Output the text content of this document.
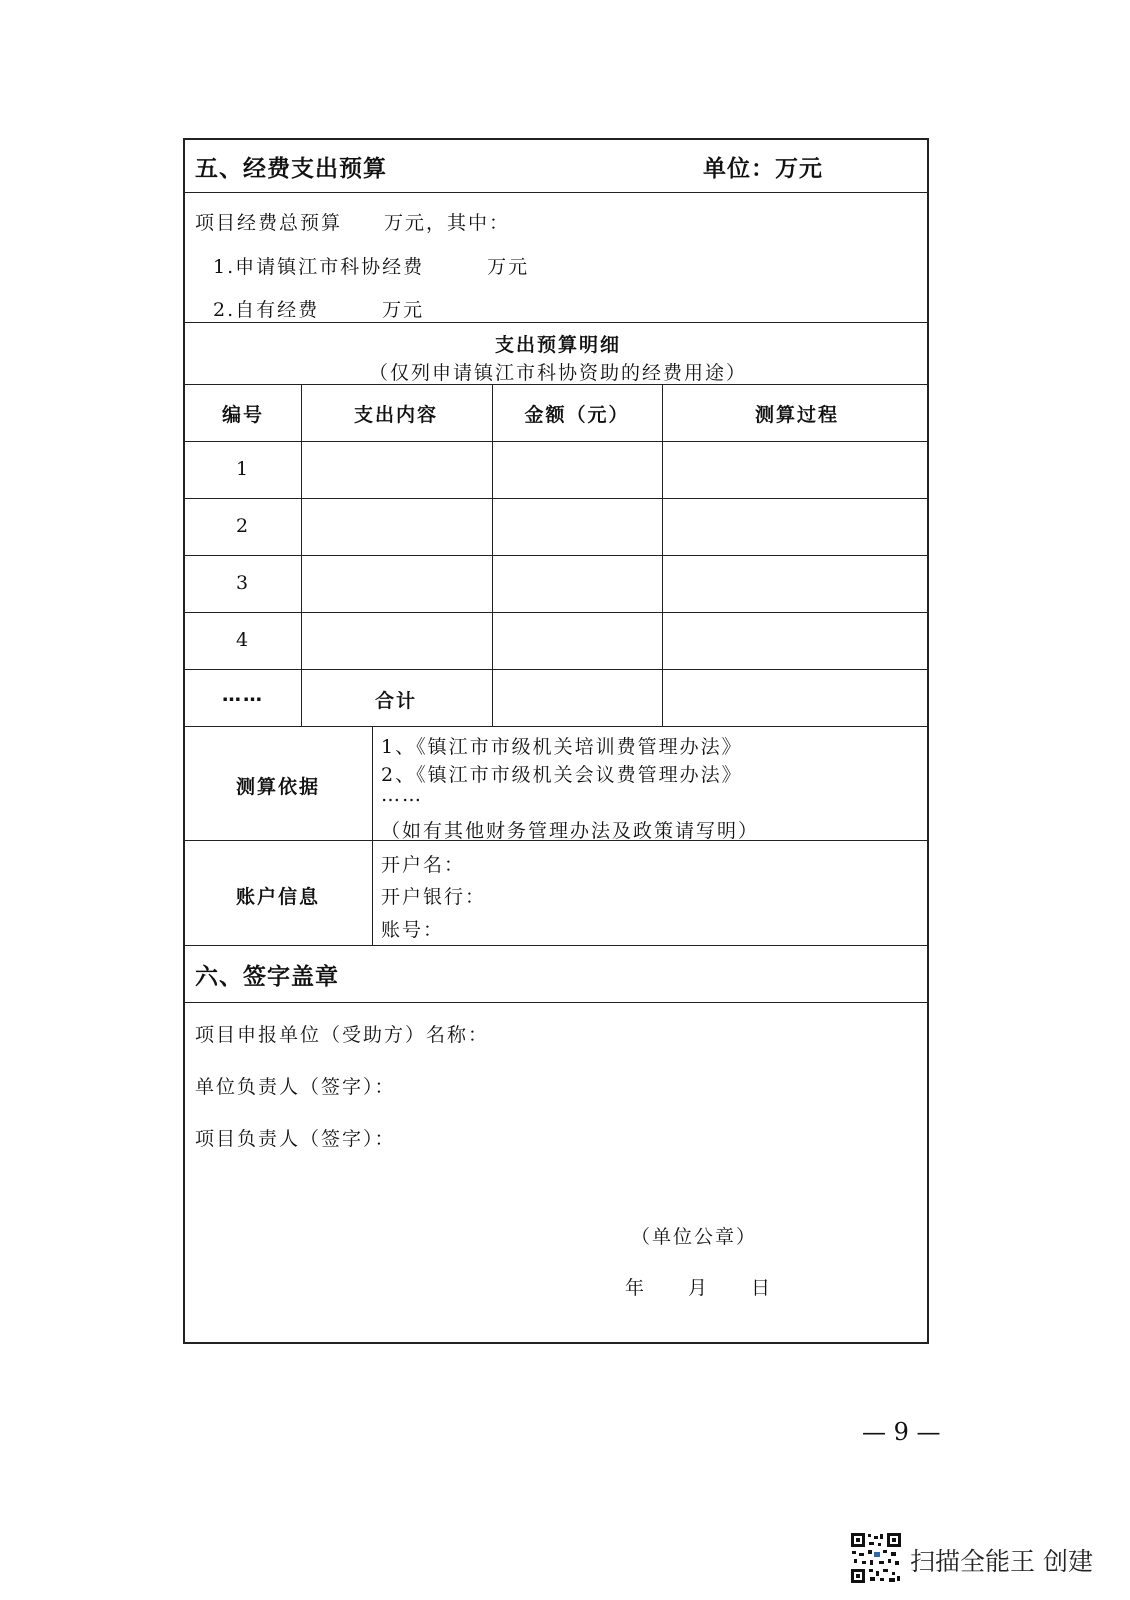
五、经费支出预算	单位：万元
项目经费总预算　　万元，其中：
1.申请镇江市科协经费　　　万元
2.自有经费　　　万元
支出预算明细
（仅列申请镇江市科协资助的经费用途）
编号	支出内容	金额（元）	测算过程
1
2
3
4
……	合计
测算依据
1、《镇江市市级机关培训费管理办法》
2、《镇江市市级机关会议费管理办法》
……
（如有其他财务管理办法及政策请写明）
账户信息
开户名：
开户银行：
账号：
六、签字盖章
项目申报单位（受助方）名称：
单位负责人（签字）：
项目负责人（签字）：
（单位公章）
年　　月　　日
— 9 —
扫描全能王 创建
